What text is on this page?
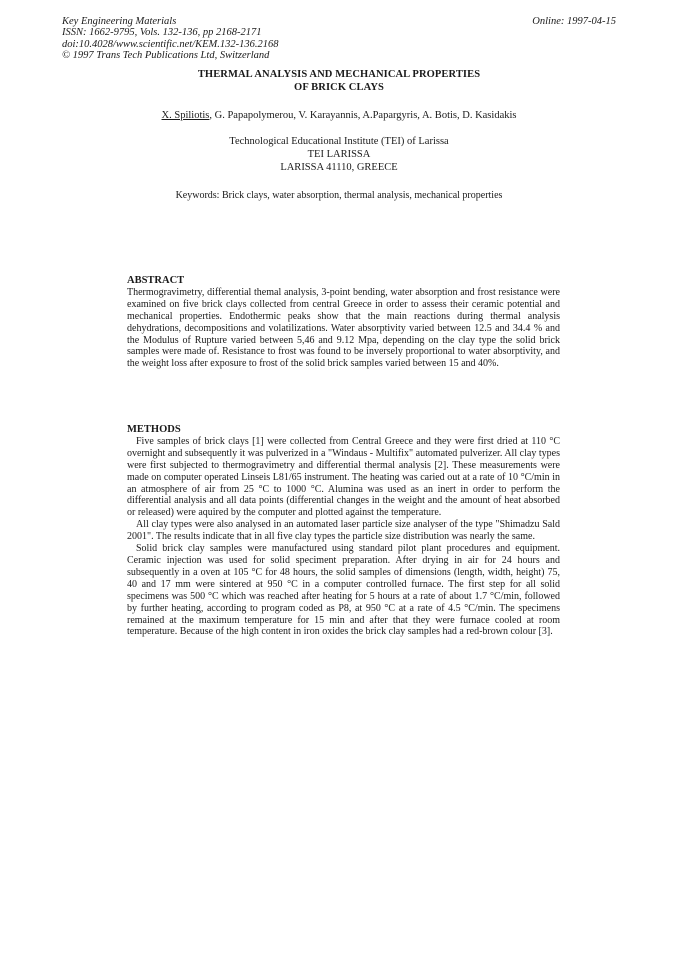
Key Engineering Materials
ISSN: 1662-9795, Vols. 132-136, pp 2168-2171
doi:10.4028/www.scientific.net/KEM.132-136.2168
© 1997 Trans Tech Publications Ltd, Switzerland
Online: 1997-04-15
THERMAL ANALYSIS AND MECHANICAL PROPERTIES
OF BRICK CLAYS
X. Spiliotis, G. Papapolymerou, V. Karayannis, A.Papargyris, A. Botis, D. Kasidakis
Technological Educational Institute (TEI) of Larissa
TEI LARISSA
LARISSA 41110, GREECE
Keywords: Brick clays, water absorption, thermal analysis, mechanical properties

ABSTRACT

Thermogravimetry, differential themal analysis, 3-point bending, water absorption and frost resistance were examined on five brick clays collected from central Greece in order to assess their ceramic potential and mechanical properties. Endothermic peaks show that the main reactions during thermal analysis dehydrations, decompositions and volatilizations. Water absorptivity varied between 12.5 and 34.4 % and the Modulus of Rupture varied between 5,46 and 9.12 Mpa, depending on the clay type the solid brick samples were made of. Resistance to frost was found to be inversely proportional to water absorptivity, and the weight loss after exposure to frost of the solid brick samples varied between 15 and 40%.

METHODS

Five samples of brick clays [1] were collected from Central Greece and they were first dried at 110 °C overnight and subsequently it was pulverized in a "Windaus - Multifix" automated pulverizer. All clay types were first subjected to thermogravimetry and differential thermal analysis [2]. These measurements were made on computer operated Linseis L81/65 instrument. The heating was caried out at a rate of 10 °C/min in an atmosphere of air from 25 °C to 1000 °C. Alumina was used as an inert in order to perform the differential analysis and all data points (differential changes in the weight and the amount of heat absorbed or released) were aquired by the computer and plotted against the temperature.

All clay types were also analysed in an automated laser particle size analyser of the type "Shimadzu Sald 2001". The results indicate that in all five clay types the particle size distribution was nearly the same.

Solid brick clay samples were manufactured using standard pilot plant procedures and equipment. Ceramic injection was used for solid speciment preparation. After drying in air for 24 hours and subsequently in a oven at 105 °C for 48 hours, the solid samples of dimensions (length, width, height) 75, 40 and 17 mm were sintered at 950 °C in a computer controlled furnace. The first step for all solid specimens was 500 °C which was reached after heating for 5 hours at a rate of about 1.7 °C/min, followed by further heating, according to program coded as P8, at 950 °C at a rate of 4.5 °C/min. The specimens remained at the maximum temperature for 15 min and after that they were furnace cooled at room temperature. Because of the high content in iron oxides the brick clay samples had a red-brown colour [3].
